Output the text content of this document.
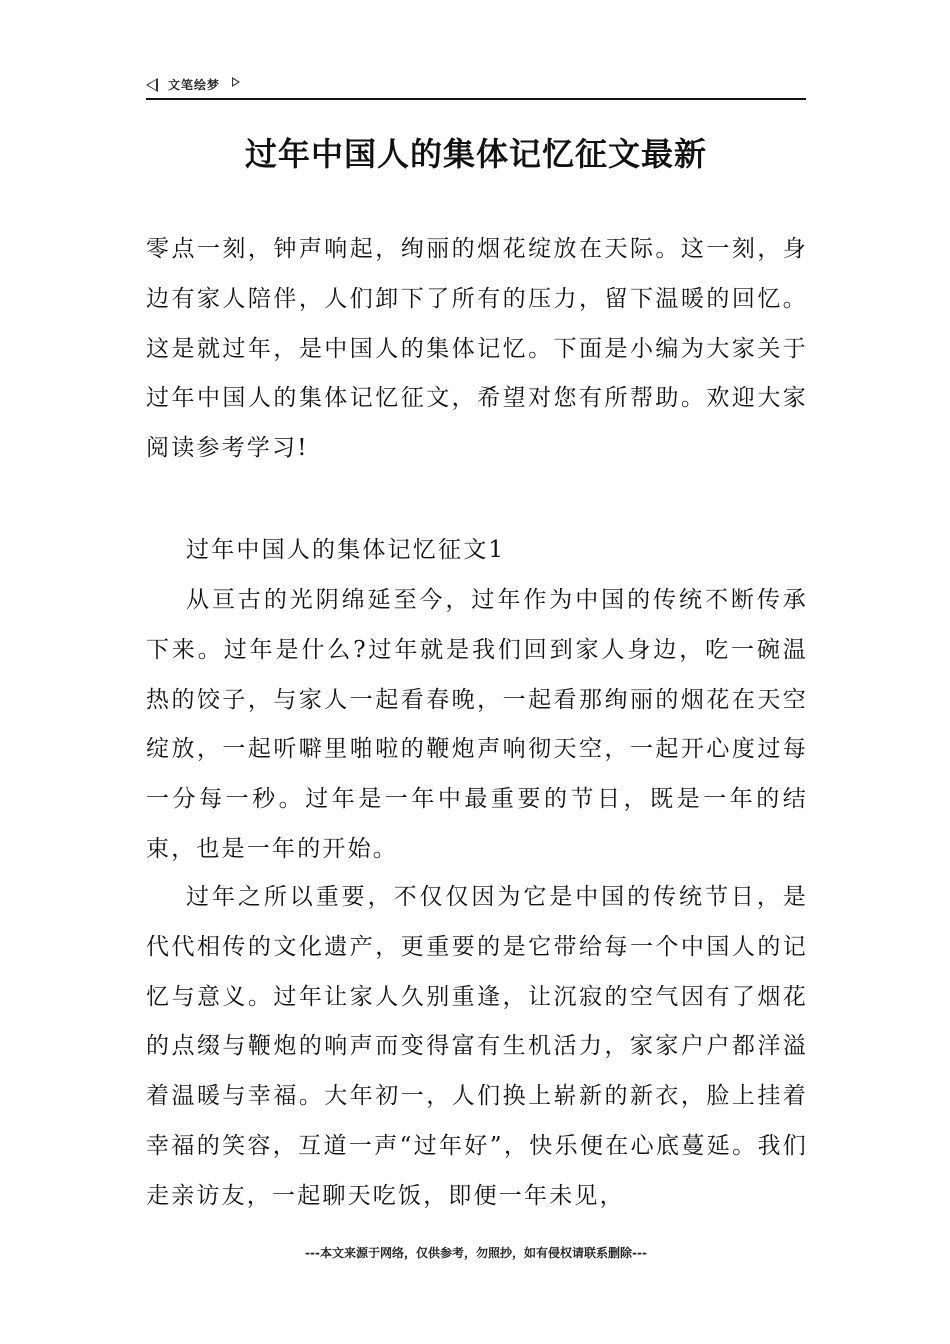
文笔绘梦
过年中国人的集体记忆征文最新
零点一刻，钟声响起，绚丽的烟花绽放在天际。这一刻，身边有家人陪伴，人们卸下了所有的压力，留下温暖的回忆。这是就过年，是中国人的集体记忆。下面是小编为大家关于过年中国人的集体记忆征文，希望对您有所帮助。欢迎大家阅读参考学习!
过年中国人的集体记忆征文1
从亘古的光阴绵延至今，过年作为中国的传统不断传承下来。过年是什么?过年就是我们回到家人身边，吃一碗温热的饺子，与家人一起看春晚，一起看那绚丽的烟花在天空绽放，一起听噼里啪啦的鞭炮声响彻天空，一起开心度过每一分每一秒。过年是一年中最重要的节日，既是一年的结束，也是一年的开始。
过年之所以重要，不仅仅因为它是中国的传统节日，是代代相传的文化遗产，更重要的是它带给每一个中国人的记忆与意义。过年让家人久别重逢，让沉寂的空气因有了烟花的点缀与鞭炮的响声而变得富有生机活力，家家户户都洋溢着温暖与幸福。大年初一，人们换上崭新的新衣，脸上挂着幸福的笑容，互道一声“过年好”，快乐便在心底蔓延。我们走亲访友，一起聊天吃饭，即便一年未见，
---本文来源于网络，仅供参考，勿照抄，如有侵权请联系删除---
